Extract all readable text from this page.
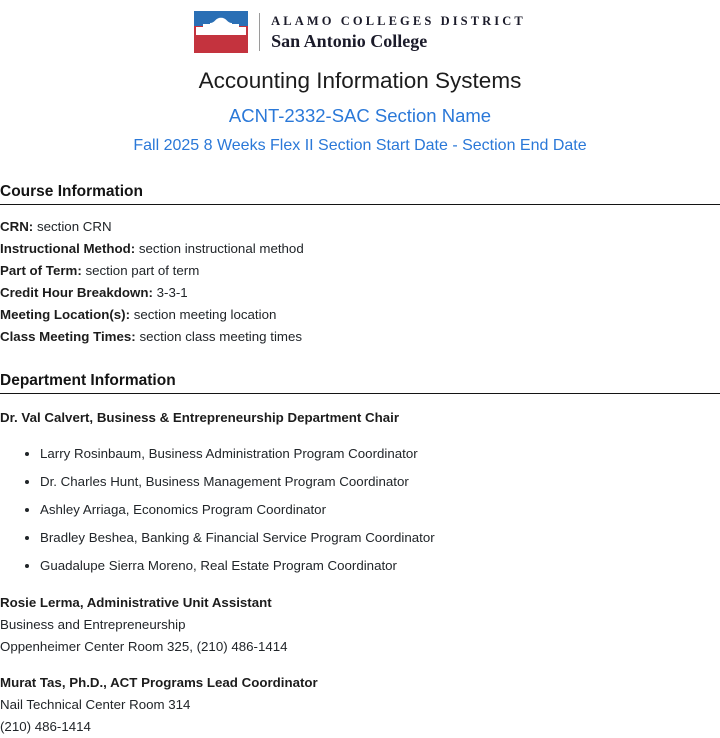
ALAMO COLLEGES DISTRICT
San Antonio College
Accounting Information Systems
ACNT-2332-SAC Section Name
Fall 2025 8 Weeks Flex II Section Start Date - Section End Date
Course Information

CRN: section CRN

Instructional Method: section instructional method

Part of Term: section part of term

Credit Hour Breakdown: 3-3-1

Meeting Location(s): section meeting location

Class Meeting Times: section class meeting times

Department Information

Dr. Val Calvert, Business & Entrepreneurship Department Chair

• Larry Rosinbaum, Business Administration Program Coordinator
• Dr. Charles Hunt, Business Management Program Coordinator
• Ashley Arriaga, Economics Program Coordinator
• Bradley Beshea, Banking & Financial Service Program Coordinator
• Guadalupe Sierra Moreno, Real Estate Program Coordinator

Rosie Lerma, Administrative Unit Assistant
Business and Entrepreneurship
Oppenheimer Center Room 325, (210) 486-1414

Murat Tas, Ph.D., ACT Programs Lead Coordinator
Nail Technical Center Room 314
(210) 486-1414
